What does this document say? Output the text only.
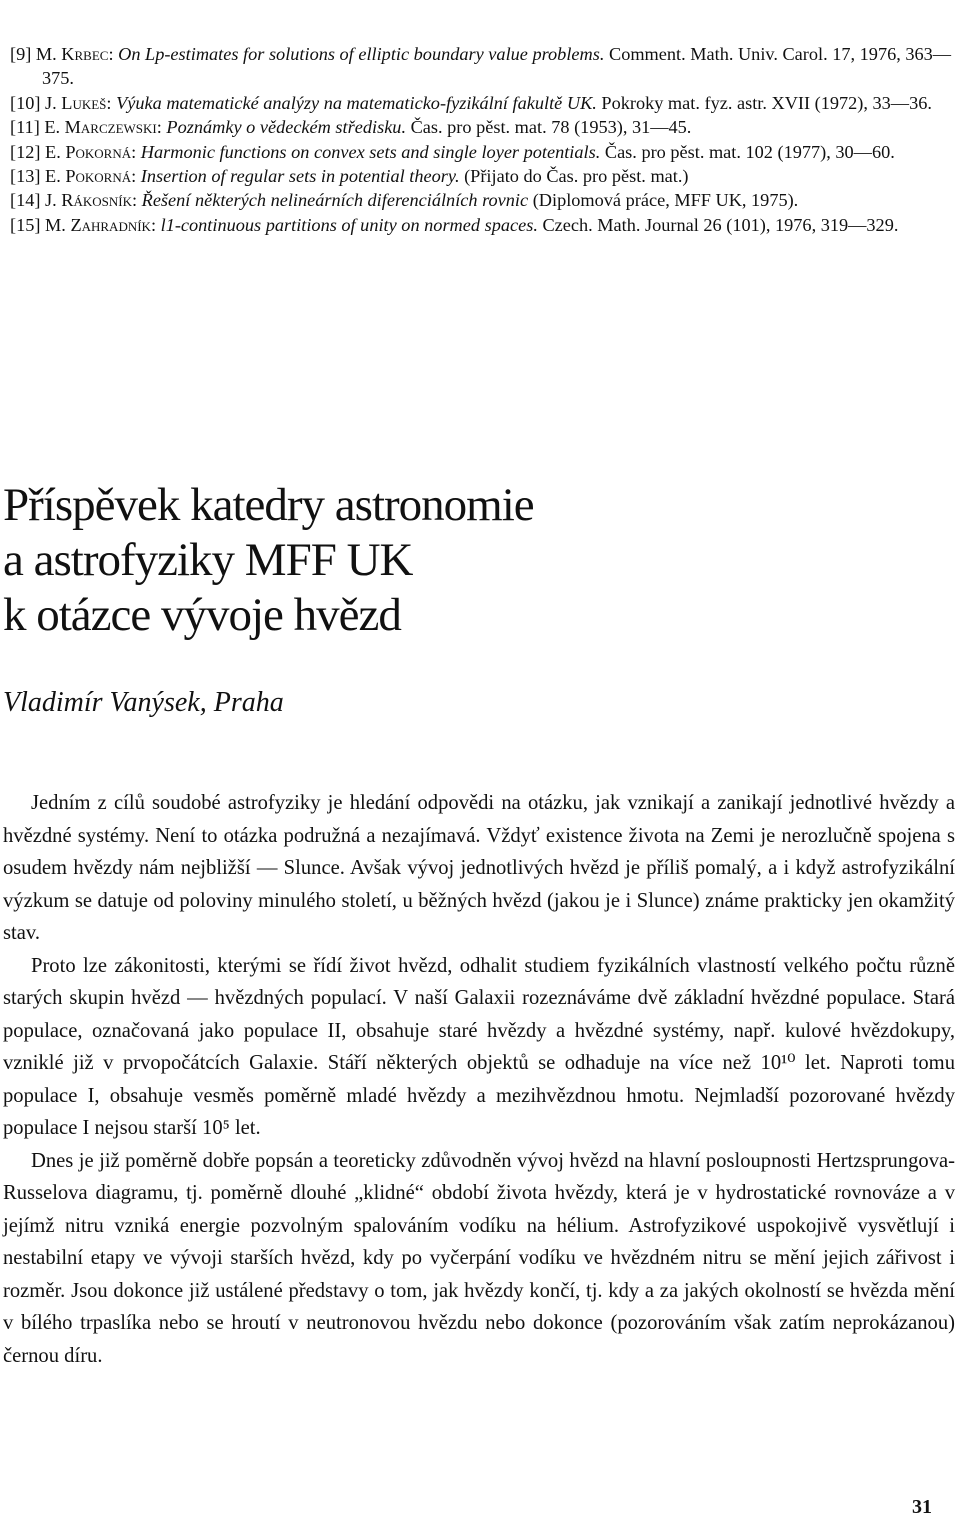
[9] M. Krbec: On Lp-estimates for solutions of elliptic boundary value problems. Comment. Math. Univ. Carol. 17, 1976, 363—375.
[10] J. Lukeš: Výuka matematické analýzy na matematicko-fyzikální fakultě UK. Pokroky mat. fyz. astr. XVII (1972), 33—36.
[11] E. Marczewski: Poznámky o vědeckém středisku. Čas. pro pěst. mat. 78 (1953), 31—45.
[12] E. Pokorná: Harmonic functions on convex sets and single loyer potentials. Čas. pro pěst. mat. 102 (1977), 30—60.
[13] E. Pokorná: Insertion of regular sets in potential theory. (Přijato do Čas. pro pěst. mat.)
[14] J. Rákosník: Řešení některých nelineárních diferenciálních rovnic (Diplomová práce, MFF UK, 1975).
[15] M. Zahradník: l1-continuous partitions of unity on normed spaces. Czech. Math. Journal 26 (101), 1976, 319—329.
Příspěvek katedry astronomie
a astrofyziky MFF UK
k otázce vývoje hvězd
Vladimír Vanýsek, Praha

Jedním z cílů soudobé astrofyziky je hledání odpovědi na otázku, jak vznikají a zanikají jednotlivé hvězdy a hvězdné systémy. Není to otázka podružná a nezajímavá. Vždyť existence života na Zemi je nerozlučně spojena s osudem hvězdy nám nejbližší — Slunce. Avšak vývoj jednotlivých hvězd je příliš pomalý, a i když astrofyzikální výzkum se datuje od poloviny minulého století, u běžných hvězd (jakou je i Slunce) známe prakticky jen okamžitý stav.

Proto lze zákonitosti, kterými se řídí život hvězd, odhalit studiem fyzikálních vlastností velkého počtu různě starých skupin hvězd — hvězdných populací. V naší Galaxii rozeznáváme dvě základní hvězdné populace. Stará populace, označovaná jako populace II, obsahuje staré hvězdy a hvězdné systémy, např. kulové hvězdokupy, vzniklé již v prvopočátcích Galaxie. Stáří některých objektů se odhaduje na více než 10¹⁰ let. Naproti tomu populace I, obsahuje vesměs poměrně mladé hvězdy a mezihvězdnou hmotu. Nejmladší pozorované hvězdy populace I nejsou starší 10⁵ let.

Dnes je již poměrně dobře popsán a teoreticky zdůvodněn vývoj hvězd na hlavní posloupnosti Hertzsprungova-Russelova diagramu, tj. poměrně dlouhé „klidné“ období života hvězdy, která je v hydrostatické rovnováze a v jejímž nitru vzniká energie pozvolným spalováním vodíku na hélium. Astrofyzikové uspokojivě vysvětlují i nestabilní etapy ve vývoji starších hvězd, kdy po vyčerpání vodíku ve hvězdném nitru se mění jejich zářivost i rozměr. Jsou dokonce již ustálené představy o tom, jak hvězdy končí, tj. kdy a za jakých okolností se hvězda mění v bílého trpaslíka nebo se hroutí v neutronovou hvězdu nebo dokonce (pozorováním však zatím neprokázanou) černou díru.

31
